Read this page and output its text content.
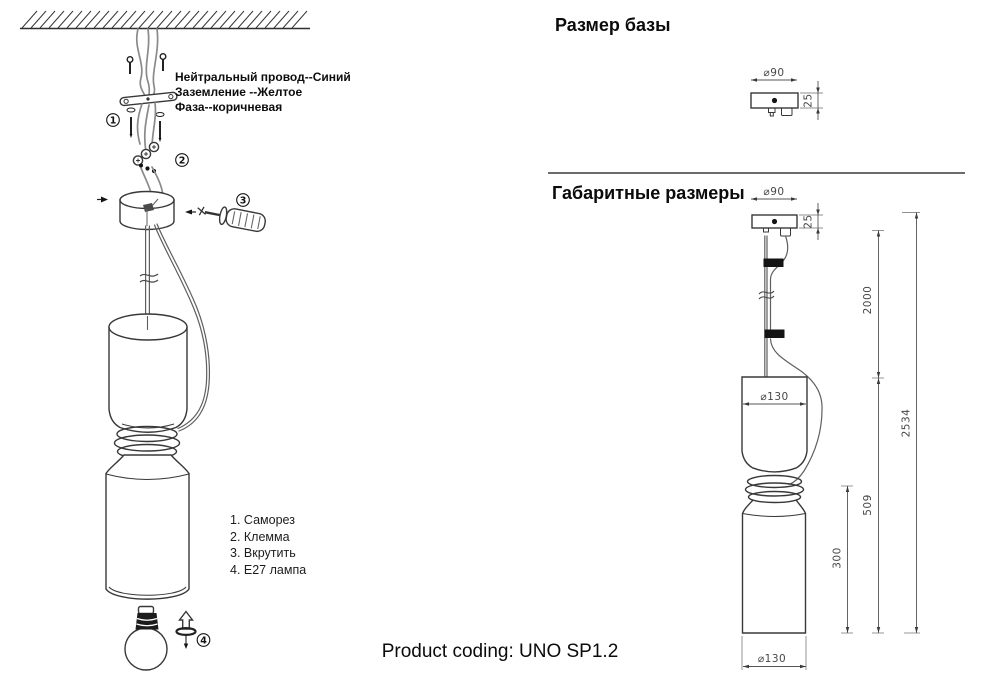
1
2
3
4
⌀90
25
⌀90
25
⌀130
⌀130
2000
509
300
2534
Нейтральный провод--Синий
Заземление --Желтое
Фаза--коричневая
1. Саморез
2. Клемма
3. Вкрутить
4. E27 лампа
Размер базы
Габаритные размеры
Product coding: UNO SP1.2
